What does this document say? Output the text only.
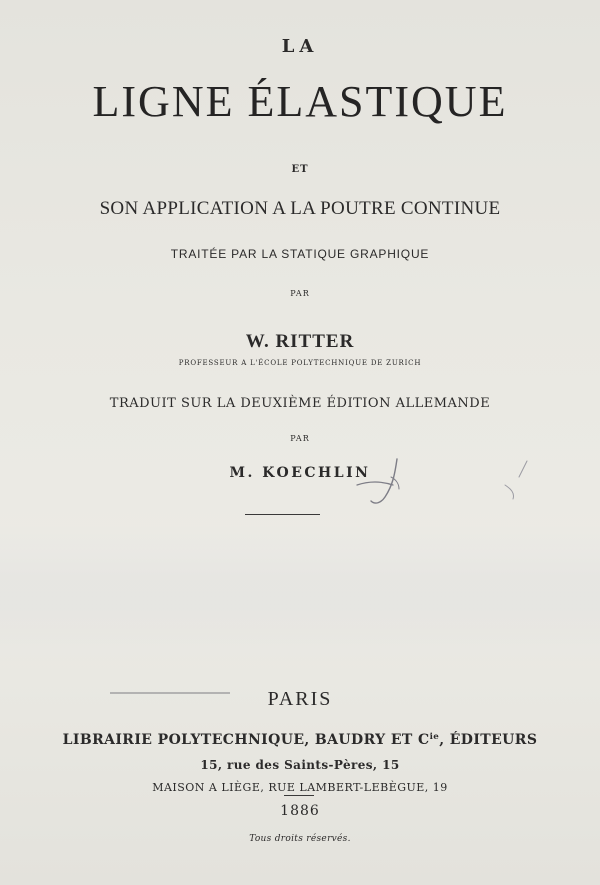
LA
LIGNE ÉLASTIQUE
ET
SON APPLICATION A LA POUTRE CONTINUE
TRAITÉE PAR LA STATIQUE GRAPHIQUE
PAR
W. RITTER
PROFESSEUR A L'ÉCOLE POLYTECHNIQUE DE ZURICH
TRADUIT SUR LA DEUXIÈME ÉDITION ALLEMANDE
PAR
M. KOECHLIN
PARIS
LIBRAIRIE POLYTECHNIQUE, BAUDRY ET $C^{ie}$, ÉDITEURS
15, rue des Saints-Pères, 15
MAISON A LIÈGE, RUE LAMBERT-LEBÈGUE, 19
1886
Tous droits réservés.
